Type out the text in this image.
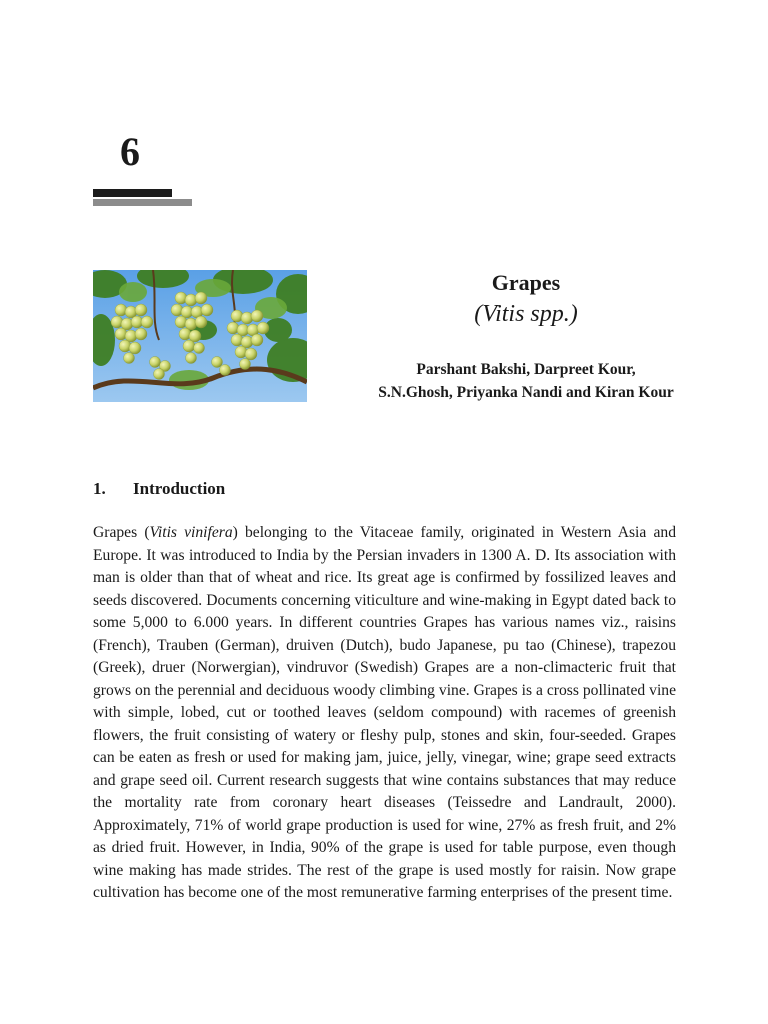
6
Grapes
(Vitis spp.)
Parshant Bakshi, Darpreet Kour,
S.N.Ghosh, Priyanka Nandi and Kiran Kour
1. Introduction
Grapes (Vitis vinifera) belonging to the Vitaceae family, originated in Western Asia and Europe. It was introduced to India by the Persian invaders in 1300 A. D. Its association with man is older than that of wheat and rice. Its great age is confirmed by fossilized leaves and seeds discovered. Documents concerning viticulture and wine-making in Egypt dated back to some 5,000 to 6.000 years. In different countries Grapes has various names viz., raisins (French), Trauben (German), druiven (Dutch), budo Japanese, pu tao (Chinese), trapezou (Greek), druer (Norwergian), vindruvor (Swedish) Grapes are a non-climacteric fruit that grows on the perennial and deciduous woody climbing vine. Grapes is a cross pollinated vine with simple, lobed, cut or toothed leaves (seldom compound) with racemes of greenish flowers, the fruit consisting of watery or fleshy pulp, stones and skin, four-seeded. Grapes can be eaten as fresh or used for making jam, juice, jelly, vinegar, wine; grape seed extracts and grape seed oil. Current research suggests that wine contains substances that may reduce the mortality rate from coronary heart diseases (Teissedre and Landrault, 2000). Approximately, 71% of world grape production is used for wine, 27% as fresh fruit, and 2% as dried fruit. However, in India, 90% of the grape is used for table purpose, even though wine making has made strides. The rest of the grape is used mostly for raisin. Now grape cultivation has become one of the most remunerative farming enterprises of the present time.
